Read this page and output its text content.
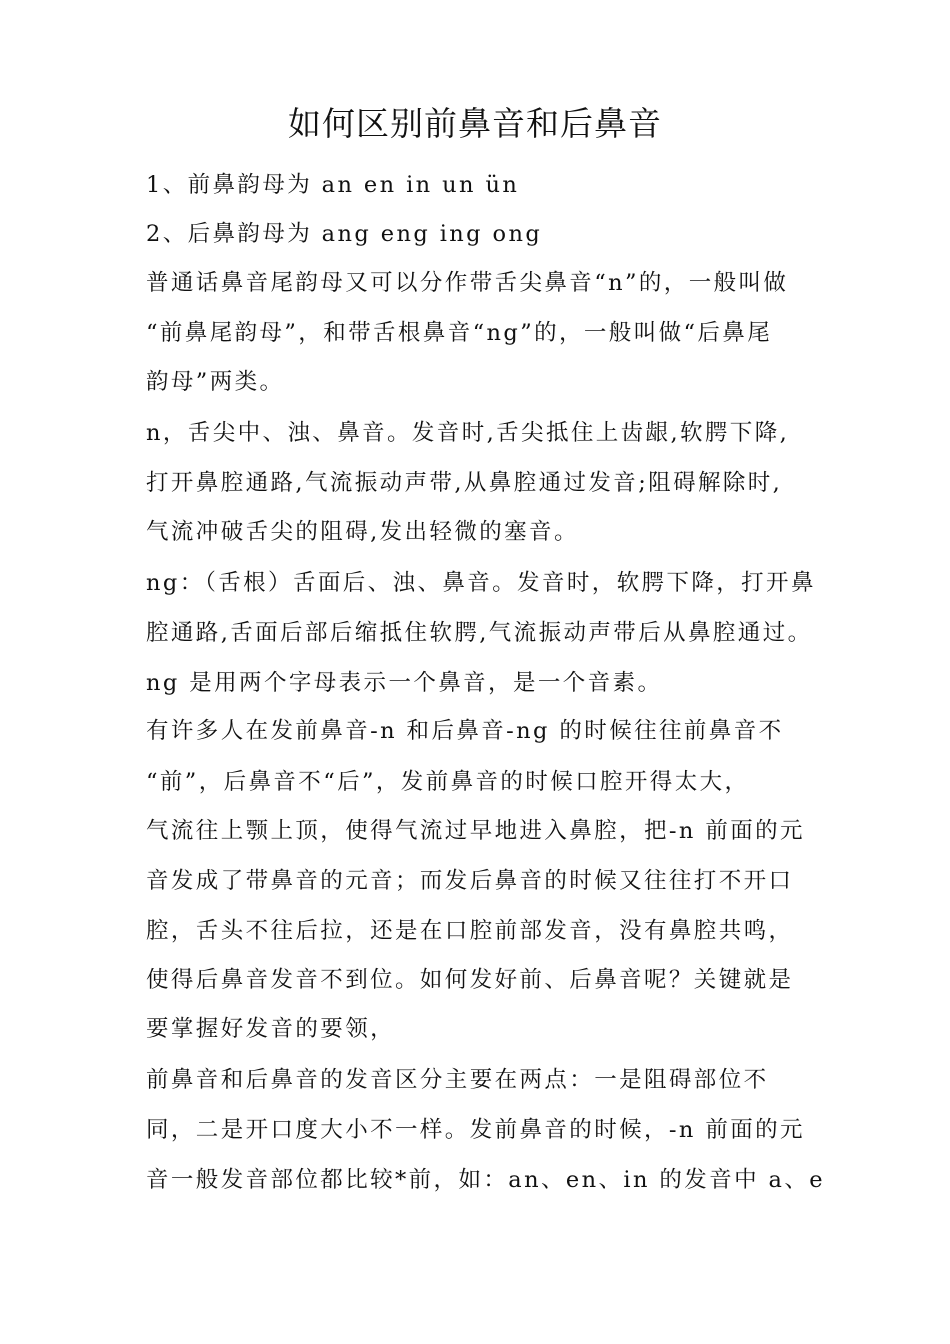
如何区别前鼻音和后鼻音
1、前鼻韵母为 an en in un ün
2、后鼻韵母为 ang eng ing ong
普通话鼻音尾韵母又可以分作带舌尖鼻音“n”的，一般叫做
“前鼻尾韵母”，和带舌根鼻音“ng”的，一般叫做“后鼻尾
韵母”两类。
n，舌尖中、浊、鼻音。发音时,舌尖抵住上齿龈,软腭下降,
打开鼻腔通路,气流振动声带,从鼻腔通过发音;阻碍解除时,
气流冲破舌尖的阻碍,发出轻微的塞音。
ng：（舌根）舌面后、浊、鼻音。发音时，软腭下降，打开鼻
腔通路,舌面后部后缩抵住软腭,气流振动声带后从鼻腔通过。
ng 是用两个字母表示一个鼻音，是一个音素。
有许多人在发前鼻音-n 和后鼻音-ng 的时候往往前鼻音不
“前”，后鼻音不“后”，发前鼻音的时候口腔开得太大，
气流往上颚上顶，使得气流过早地进入鼻腔，把-n 前面的元
音发成了带鼻音的元音；而发后鼻音的时候又往往打不开口
腔，舌头不往后拉，还是在口腔前部发音，没有鼻腔共鸣，
使得后鼻音发音不到位。如何发好前、后鼻音呢？关键就是
要掌握好发音的要领，
前鼻音和后鼻音的发音区分主要在两点：一是阻碍部位不
同，二是开口度大小不一样。发前鼻音的时候，-n 前面的元
音一般发音部位都比较*前，如：an、en、in 的发音中 a、e
